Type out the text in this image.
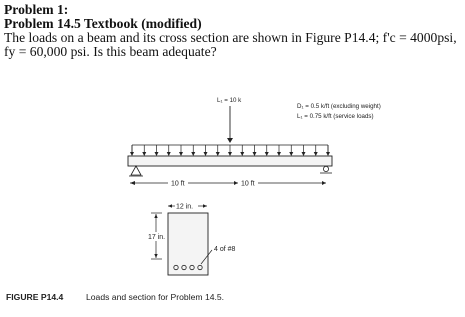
Problem 1:
Problem 14.5 Textbook (modified)
The loads on a beam and its cross section are shown in Figure P14.4; f'c = 4000psi,
fy = 60,000 psi. Is this beam adequate?
L₁ = 10 k
D₁ = 0.5 k/ft (excluding weight)
L₁ = 0.75 k/ft (service loads)
10 ft	10 ft
12 in.
17 in.
4 of #8
FIGURE P14.4	Loads and section for Problem 14.5.
